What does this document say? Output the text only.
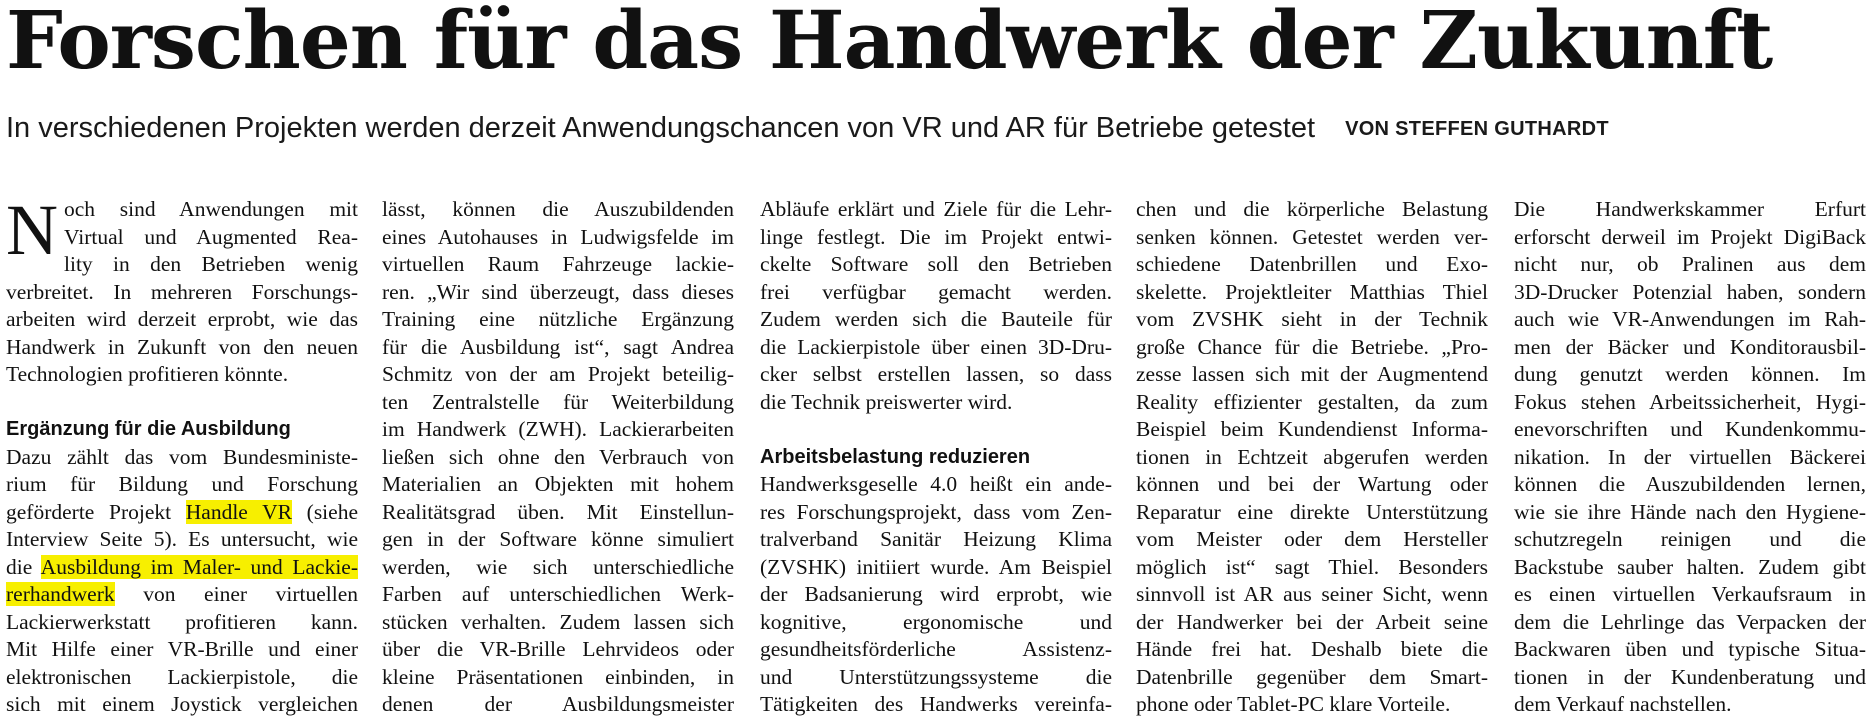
Forschen für das Handwerk der Zukunft
In verschiedenen Projekten werden derzeit Anwendungschancen von VR und AR für Betriebe getestet VON STEFFEN GUTHARDT
N och sind Anwendungen mit
Virtual und Augmented Rea-
lity in den Betrieben wenig
verbreitet. In mehreren Forschungs-
arbeiten wird derzeit erprobt, wie das
Handwerk in Zukunft von den neuen
Technologien profitieren könnte.
Ergänzung für die Ausbildung
Dazu zählt das vom Bundesministe-
rium für Bildung und Forschung
geförderte Projekt Handle VR (siehe
Interview Seite 5). Es untersucht, wie
die Ausbildung im Maler- und Lackie-
rerhandwerk von einer virtuellen
Lackierwerkstatt profitieren kann.
Mit Hilfe einer VR-Brille und einer
elektronischen Lackierpistole, die
sich mit einem Joystick vergleichen
lässt, können die Auszubildenden
eines Autohauses in Ludwigsfelde im
virtuellen Raum Fahrzeuge lackie-
ren. „Wir sind überzeugt, dass dieses
Training eine nützliche Ergänzung
für die Ausbildung ist“, sagt Andrea
Schmitz von der am Projekt beteilig-
ten Zentralstelle für Weiterbildung
im Handwerk (ZWH). Lackierarbeiten
ließen sich ohne den Verbrauch von
Materialien an Objekten mit hohem
Realitätsgrad üben. Mit Einstellun-
gen in der Software könne simuliert
werden, wie sich unterschiedliche
Farben auf unterschiedlichen Werk-
stücken verhalten. Zudem lassen sich
über die VR-Brille Lehrvideos oder
kleine Präsentationen einbinden, in
denen der Ausbildungsmeister
Abläufe erklärt und Ziele für die Lehr-
linge festlegt. Die im Projekt entwi-
ckelte Software soll den Betrieben
frei verfügbar gemacht werden.
Zudem werden sich die Bauteile für
die Lackierpistole über einen 3D-Dru-
cker selbst erstellen lassen, so dass
die Technik preiswerter wird.
Arbeitsbelastung reduzieren
Handwerksgeselle 4.0 heißt ein ande-
res Forschungsprojekt, dass vom Zen-
tralverband Sanitär Heizung Klima
(ZVSHK) initiiert wurde. Am Beispiel
der Badsanierung wird erprobt, wie
kognitive, ergonomische und
gesundheitsförderliche Assistenz-
und Unterstützungssysteme die
Tätigkeiten des Handwerks vereinfa-
chen und die körperliche Belastung
senken können. Getestet werden ver-
schiedene Datenbrillen und Exo-
skelette. Projektleiter Matthias Thiel
vom ZVSHK sieht in der Technik
große Chance für die Betriebe. „Pro-
zesse lassen sich mit der Augmentend
Reality effizienter gestalten, da zum
Beispiel beim Kundendienst Informa-
tionen in Echtzeit abgerufen werden
können und bei der Wartung oder
Reparatur eine direkte Unterstützung
vom Meister oder dem Hersteller
möglich ist“ sagt Thiel. Besonders
sinnvoll ist AR aus seiner Sicht, wenn
der Handwerker bei der Arbeit seine
Hände frei hat. Deshalb biete die
Datenbrille gegenüber dem Smart-
phone oder Tablet-PC klare Vorteile.
Die Handwerkskammer Erfurt
erforscht derweil im Projekt DigiBack
nicht nur, ob Pralinen aus dem
3D-Drucker Potenzial haben, sondern
auch wie VR-Anwendungen im Rah-
men der Bäcker und Konditorausbil-
dung genutzt werden können. Im
Fokus stehen Arbeitssicherheit, Hygi-
enevorschriften und Kundenkommu-
nikation. In der virtuellen Bäckerei
können die Auszubildenden lernen,
wie sie ihre Hände nach den Hygiene-
schutzregeln reinigen und die
Backstube sauber halten. Zudem gibt
es einen virtuellen Verkaufsraum in
dem die Lehrlinge das Verpacken der
Backwaren üben und typische Situa-
tionen in der Kundenberatung und
dem Verkauf nachstellen.
